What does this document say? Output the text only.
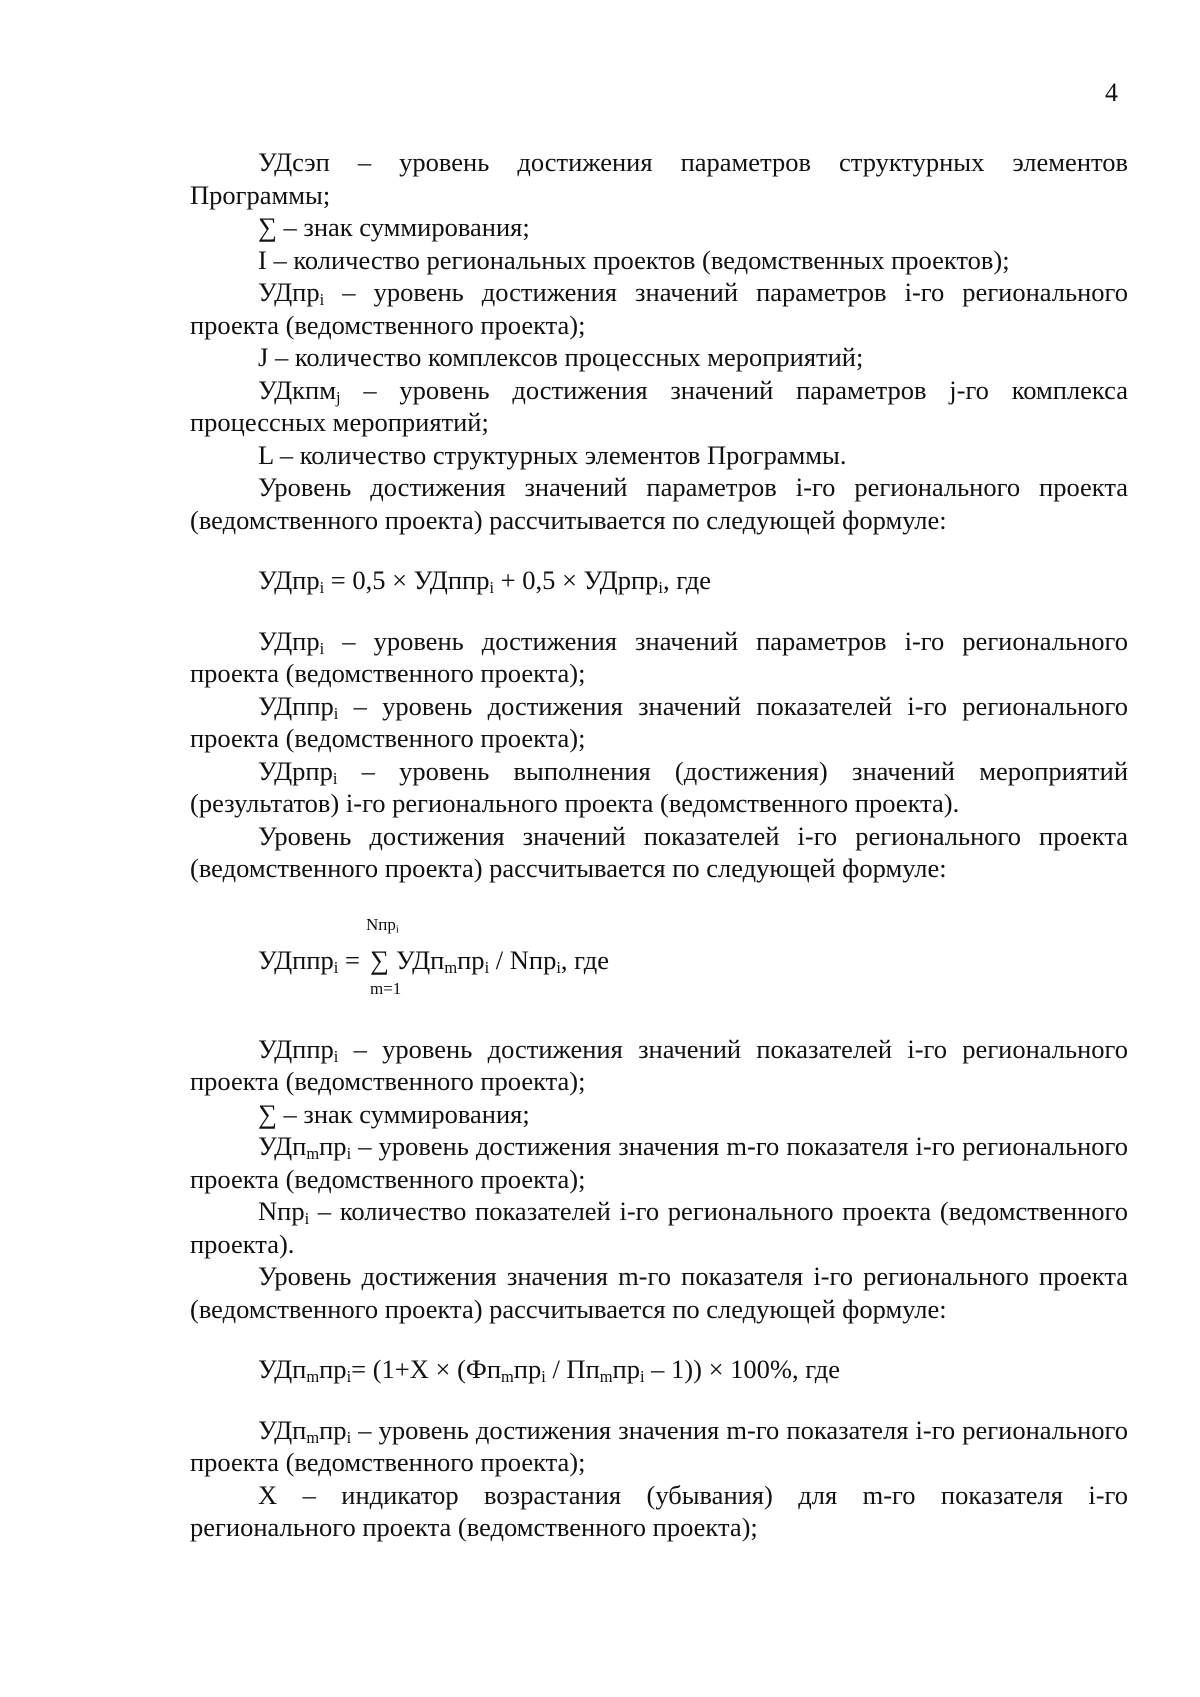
4

УДсэп – уровень достижения параметров структурных элементов Программы;

∑ – знак суммирования;

I – количество региональных проектов (ведомственных проектов);

УДпр$_i$ – уровень достижения значений параметров i-го регионального проекта (ведомственного проекта);

J – количество комплексов процессных мероприятий;

УДкпм$_j$ – уровень достижения значений параметров j-го комплекса процессных мероприятий;

L – количество структурных элементов Программы.

Уровень достижения значений параметров i-го регионального проекта (ведомственного проекта) рассчитывается по следующей формуле:

УДпр$_i$ = 0,5 × УДппр$_i$ + 0,5 × УДрпр$_i$, где

УДпр$_i$ – уровень достижения значений параметров i-го регионального проекта (ведомственного проекта);

УДппр$_i$ – уровень достижения значений показателей i-го регионального проекта (ведомственного проекта);

УДрпр$_i$ – уровень выполнения (достижения) значений мероприятий (результатов) i-го регионального проекта (ведомственного проекта).

Уровень достижения значений показателей i-го регионального проекта (ведомственного проекта) рассчитывается по следующей формуле:

Nпр$_i$
УДппр$_i$ = ∑ $УДп_mпр_i / Nпр_i$, где
m=1

УДппр$_i$ – уровень достижения значений показателей i-го регионального проекта (ведомственного проекта);

∑ – знак суммирования;

$УДп_mпр_i$ – уровень достижения значения m-го показателя i-го регионального проекта (ведомственного проекта);

Nпр$_i$ – количество показателей i-го регионального проекта (ведомственного проекта).

Уровень достижения значения m-го показателя i-го регионального проекта (ведомственного проекта) рассчитывается по следующей формуле:

$УДп_mпр_i= (1+X \times (Фп_mпр_i / Пп_mпр_i - 1)) \times 100\%$, где

$УДп_mпр_i$ – уровень достижения значения m-го показателя i-го регионального проекта (ведомственного проекта);

X – индикатор возрастания (убывания) для m-го показателя i-го регионального проекта (ведомственного проекта);
